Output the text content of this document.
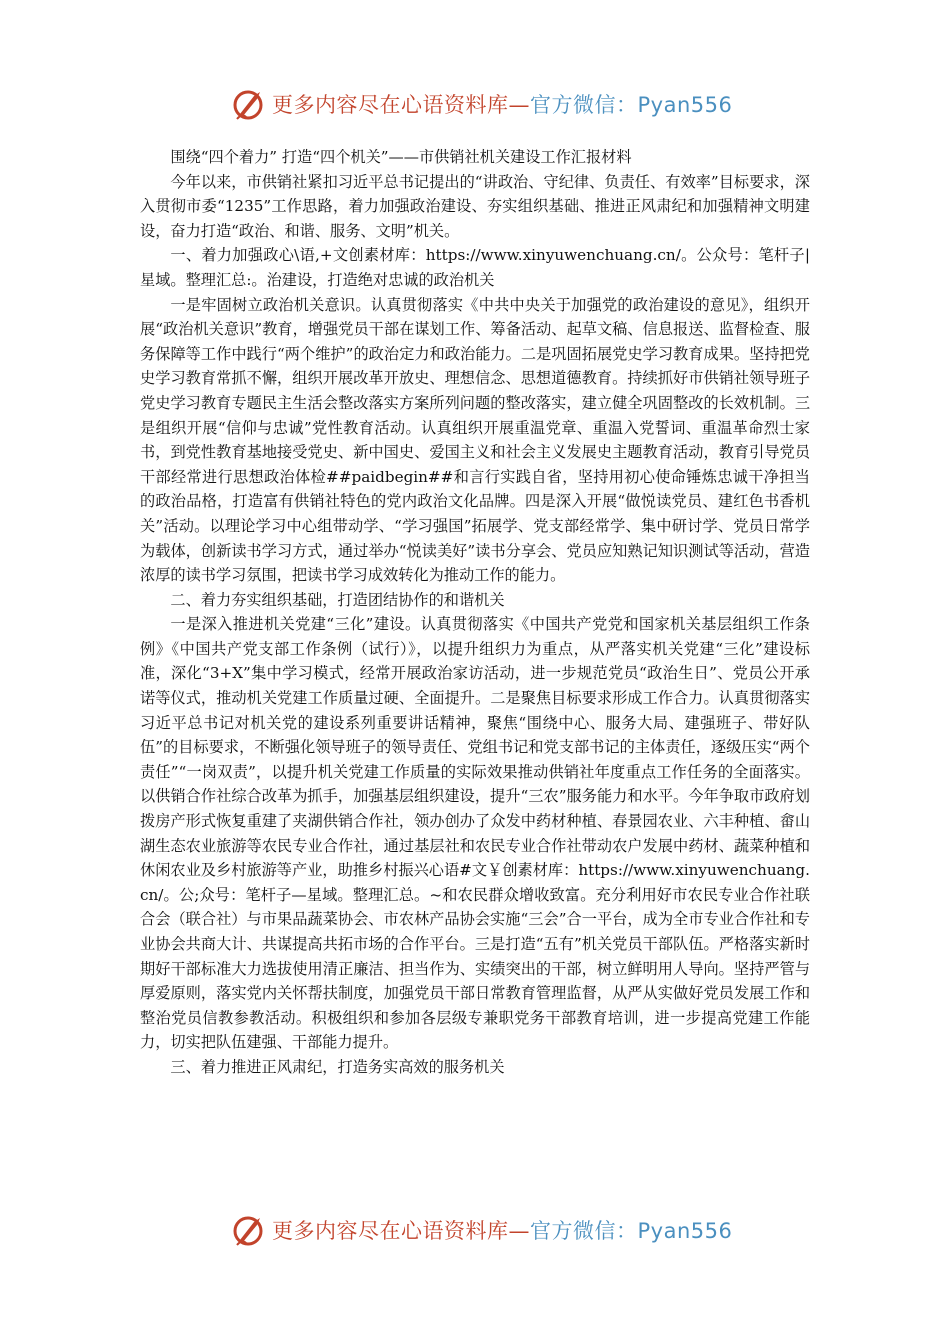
更多内容尽在心语资料库— 官方微信：Pyan556

围绕“四个着力” 打造“四个机关”——市供销社机关建设工作汇报材料

今年以来，市供销社紧扣习近平总书记提出的“讲政治、守纪律、负责任、有效率”目标要求，深入贯彻市委“1235”工作思路，着力加强政治建设、夯实组织基础、推进正风肃纪和加强精神文明建设，奋力打造“政治、和谐、服务、文明”机关。

一、着力加强政心\语,+文创素材库：https://www.xinyuwenchuang.cn/。公众号：笔杆子|星域。整理汇总:。治建设，打造绝对忠诚的政治机关

一是牢固树立政治机关意识。认真贯彻落实《中共中央关于加强党的政治建设的意见》，组织开展“政治机关意识”教育，增强党员干部在谋划工作、筹备活动、起草文稿、信息报送、监督检查、服务保障等工作中践行“两个维护”的政治定力和政治能力。二是巩固拓展党史学习教育成果。坚持把党史学习教育常抓不懈，组织开展改革开放史、理想信念、思想道德教育。持续抓好市供销社领导班子党史学习教育专题民主生活会整改落实方案所列问题的整改落实，建立健全巩固整改的长效机制。三是组织开展“信仰与忠诚”党性教育活动。认真组织开展重温党章、重温入党誓词、重温革命烈士家书，到党性教育基地接受党史、新中国史、爱国主义和社会主义发展史主题教育活动，教育引导党员干部经常进行思想政治体检##paidbegin##和言行实践自省，坚持用初心使命锤炼忠诚干净担当的政治品格，打造富有供销社特色的党内政治文化品牌。四是深入开展“做悦读党员、建红色书香机关”活动。以理论学习中心组带动学、“学习强国”拓展学、党支部经常学、集中研讨学、党员日常学为载体，创新读书学习方式，通过举办“悦读美好”读书分享会、党员应知熟记知识测试等活动，营造浓厚的读书学习氛围，把读书学习成效转化为推动工作的能力。

二、着力夯实组织基础，打造团结协作的和谐机关

一是深入推进机关党建“三化”建设。认真贯彻落实《中国共产党党和国家机关基层组织工作条例》《中国共产党支部工作条例（试行）》，以提升组织力为重点，从严落实机关党建“三化”建设标准，深化“3+X”集中学习模式，经常开展政治家访活动，进一步规范党员“政治生日”、党员公开承诺等仪式，推动机关党建工作质量过硬、全面提升。二是聚焦目标要求形成工作合力。认真贯彻落实习近平总书记对机关党的建设系列重要讲话精神，聚焦“围绕中心、服务大局、建强班子、带好队伍”的目标要求，不断强化领导班子的领导责任、党组书记和党支部书记的主体责任，逐级压实“两个责任”“一岗双责”，以提升机关党建工作质量的实际效果推动供销社年度重点工作任务的全面落实。以供销合作社综合改革为抓手，加强基层组织建设，提升“三农”服务能力和水平。今年争取市政府划拨房产形式恢复重建了夹湖供销合作社，领办创办了众发中药材种植、春景园农业、六丰种植、畲山湖生态农业旅游等农民专业合作社，通过基层社和农民专业合作社带动农户发展中药材、蔬菜种植和休闲农业及乡村旅游等产业，助推乡村振兴心语#文￥创素材库：https://www.xinyuwenchuang.cn/。公;众号：笔杆子—星域。整理汇总。~和农民群众增收致富。充分利用好市农民专业合作社联合会（联合社）与市果品蔬菜协会、市农林产品协会实施“三会”合一平台，成为全市专业合作社和专业协会共商大计、共谋提高共拓市场的合作平台。三是打造“五有”机关党员干部队伍。严格落实新时期好干部标准大力选拔使用清正廉洁、担当作为、实绩突出的干部，树立鲜明用人导向。坚持严管与厚爱原则，落实党内关怀帮扶制度，加强党员干部日常教育管理监督，从严从实做好党员发展工作和整治党员信教参教活动。积极组织和参加各层级专兼职党务干部教育培训，进一步提高党建工作能力，切实把队伍建强、干部能力提升。

三、着力推进正风肃纪，打造务实高效的服务机关

更多内容尽在心语资料库— 官方微信：Pyan556
